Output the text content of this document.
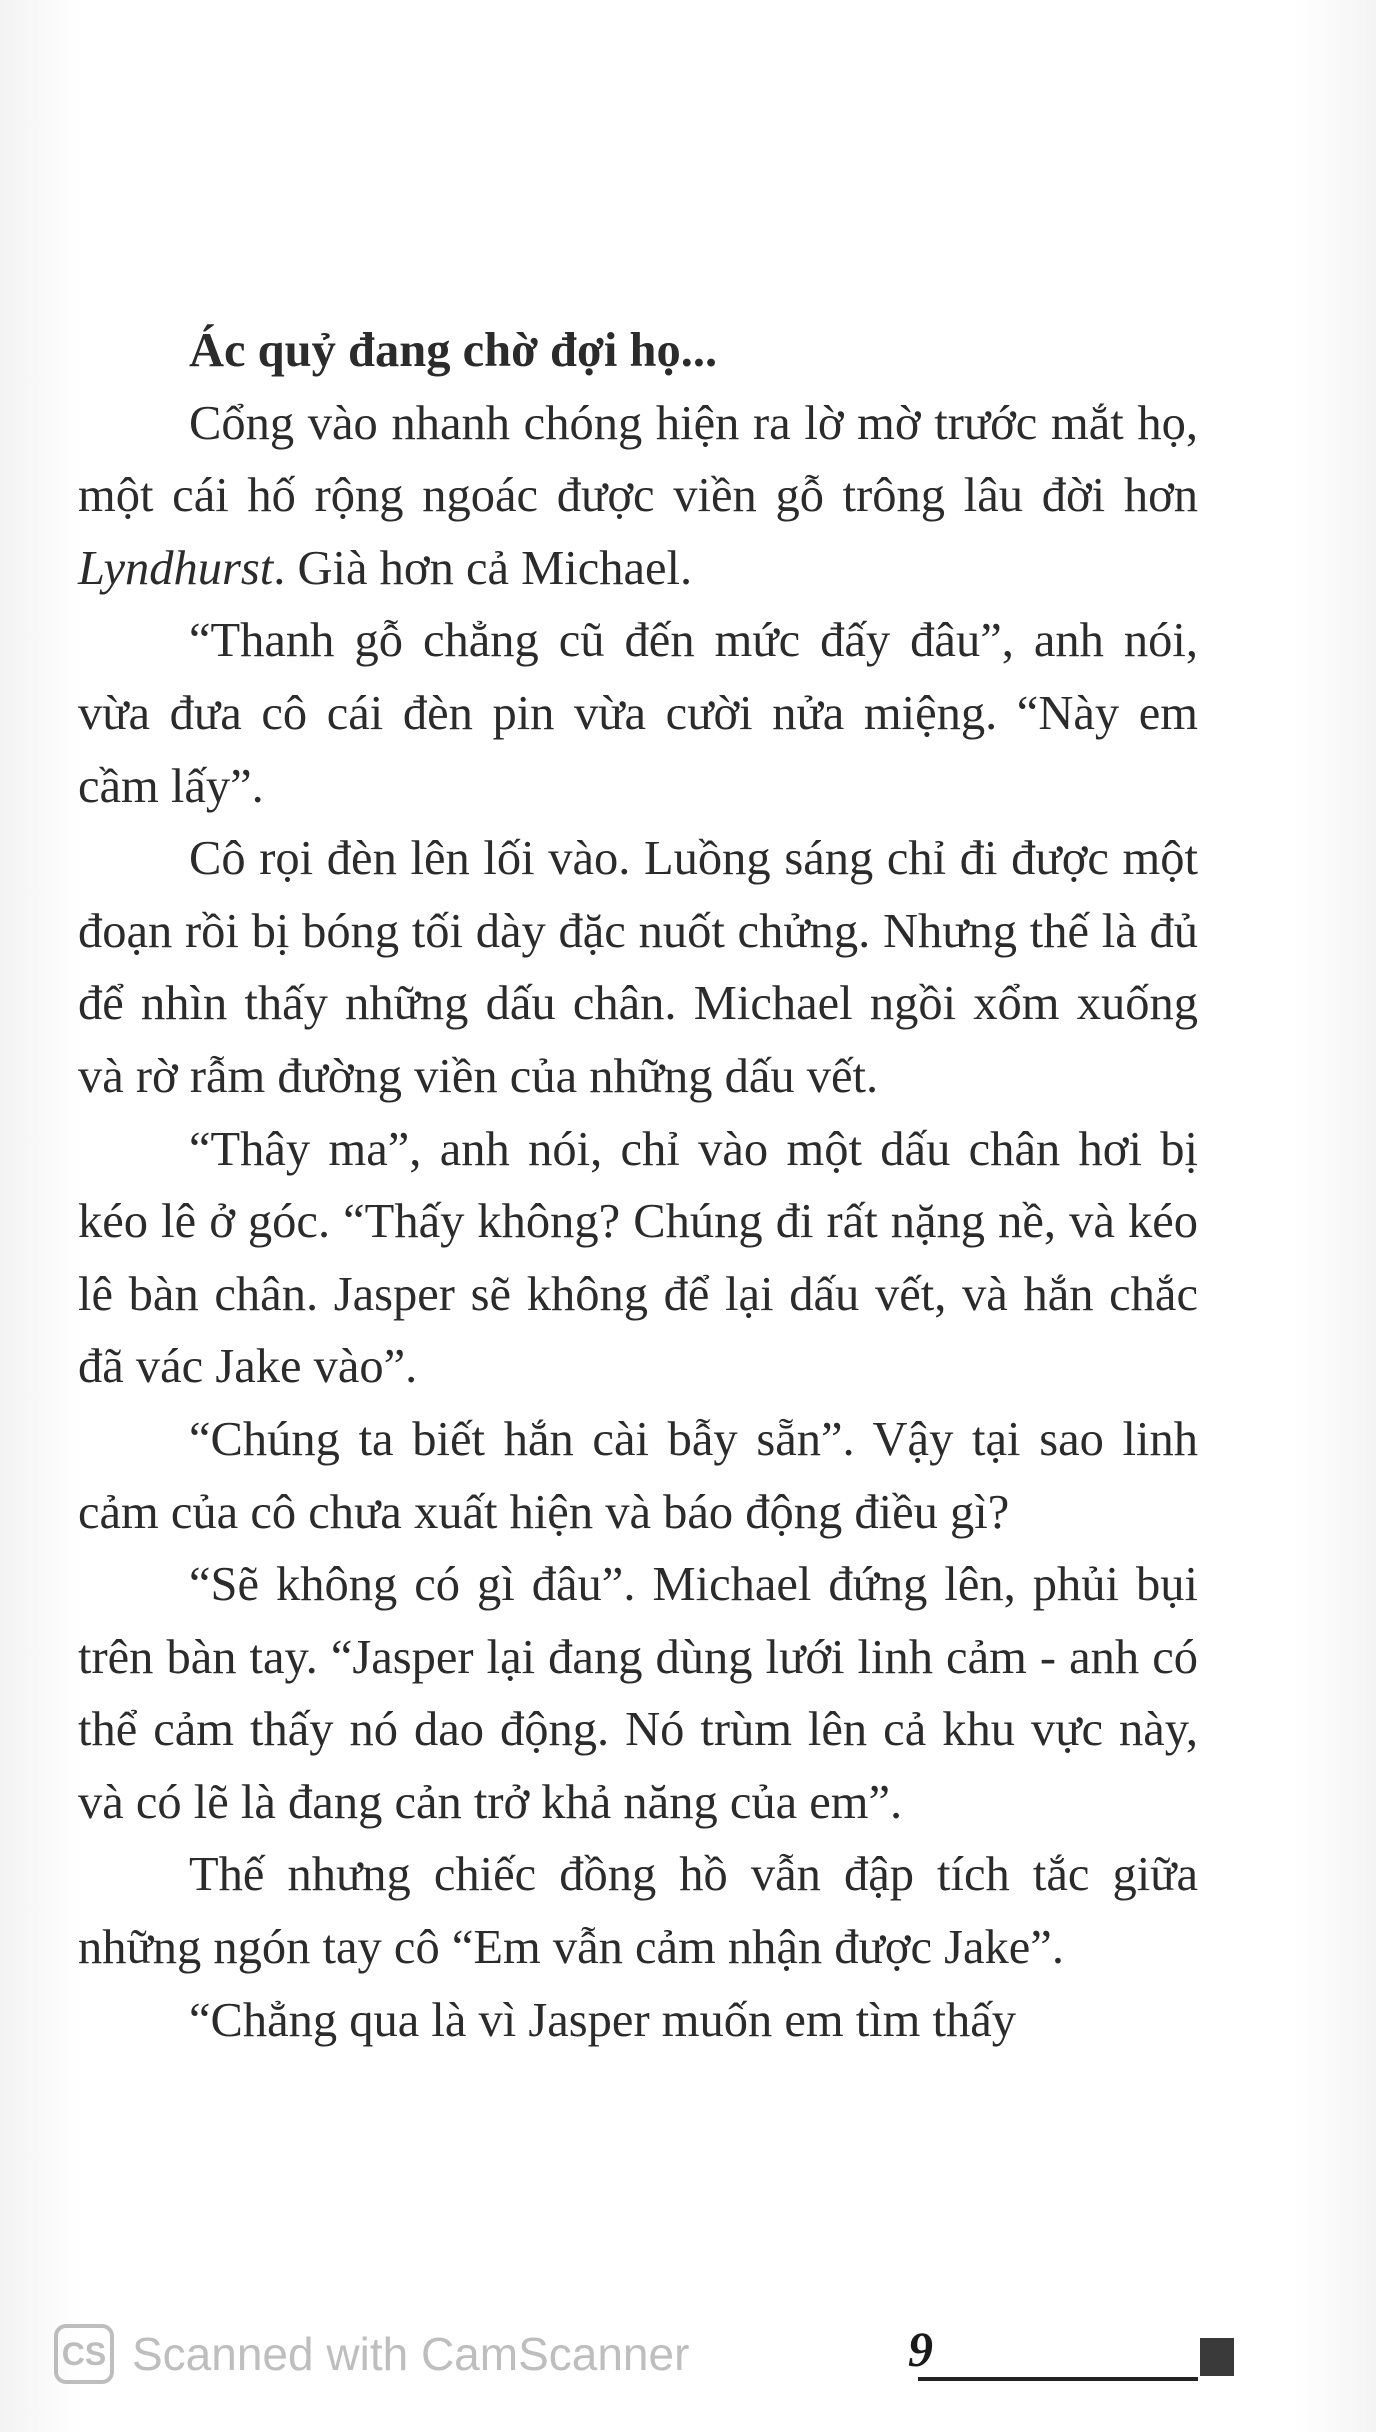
Ác quỷ đang chờ đợi họ...

Cổng vào nhanh chóng hiện ra lờ mờ trước mắt họ, một cái hố rộng ngoác được viền gỗ trông lâu đời hơn Lyndhurst. Già hơn cả Michael.

“Thanh gỗ chẳng cũ đến mức đấy đâu”, anh nói, vừa đưa cô cái đèn pin vừa cười nửa miệng. “Này em cầm lấy”.

Cô rọi đèn lên lối vào. Luồng sáng chỉ đi được một đoạn rồi bị bóng tối dày đặc nuốt chửng. Nhưng thế là đủ để nhìn thấy những dấu chân. Michael ngồi xổm xuống và rờ rẫm đường viền của những dấu vết.

“Thây ma”, anh nói, chỉ vào một dấu chân hơi bị kéo lê ở góc. “Thấy không? Chúng đi rất nặng nề, và kéo lê bàn chân. Jasper sẽ không để lại dấu vết, và hắn chắc đã vác Jake vào”.

“Chúng ta biết hắn cài bẫy sẵn”. Vậy tại sao linh cảm của cô chưa xuất hiện và báo động điều gì?

“Sẽ không có gì đâu”. Michael đứng lên, phủi bụi trên bàn tay. “Jasper lại đang dùng lưới linh cảm - anh có thể cảm thấy nó dao động. Nó trùm lên cả khu vực này, và có lẽ là đang cản trở khả năng của em”.

Thế nhưng chiếc đồng hồ vẫn đập tích tắc giữa những ngón tay cô “Em vẫn cảm nhận được Jake”.

“Chẳng qua là vì Jasper muốn em tìm thấy

CS Scanned with CamScanner	9
